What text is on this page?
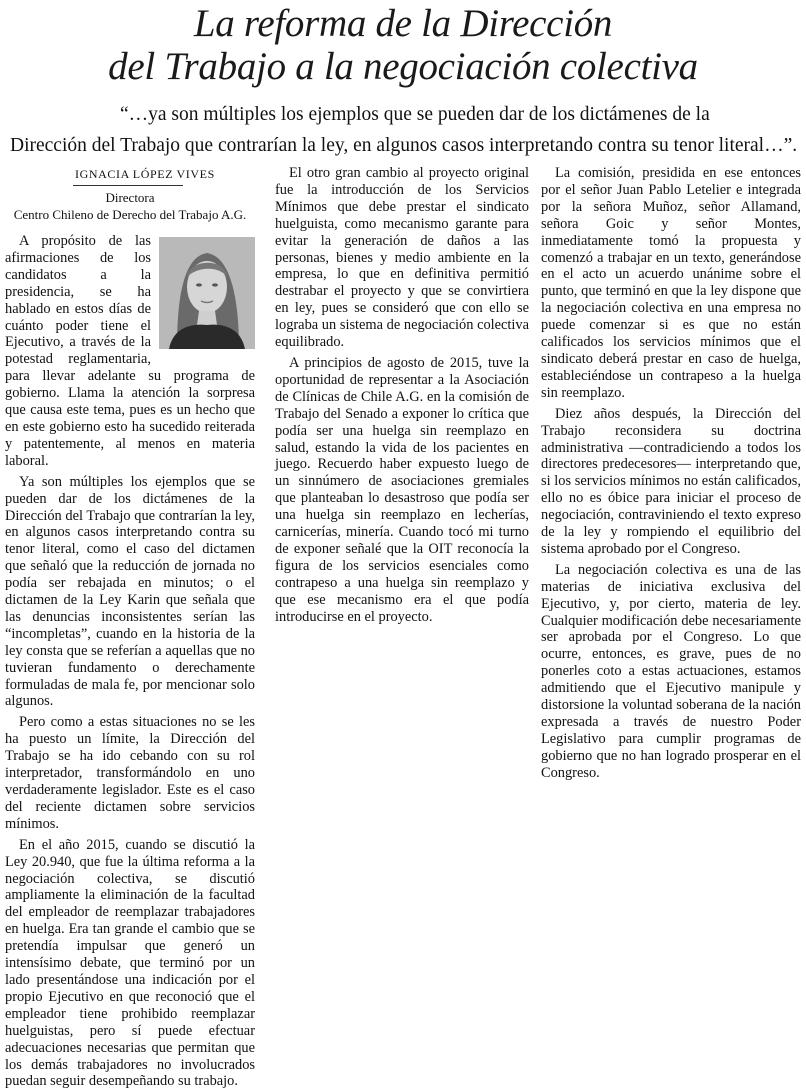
La reforma de la Dirección
del Trabajo a la negociación colectiva

“…ya son múltiples los ejemplos que se pueden dar de los dictámenes de la
Dirección del Trabajo que contrarían la ley, en algunos casos interpretando contra su tenor literal…”.

IGNACIA LÓPEZ VIVES
Directora
Centro Chileno de Derecho del Trabajo A.G.

A propósito de las afirmaciones de los candidatos a la presidencia, se ha hablado en estos días de cuánto poder tiene el Ejecutivo, a través de la potestad reglamentaria, para llevar adelante su programa de gobierno. Llama la atención la sorpresa que causa este tema, pues es un hecho que en este gobierno esto ha sucedido reiterada y patentemente, al menos en materia laboral.

Ya son múltiples los ejemplos que se pueden dar de los dictámenes de la Dirección del Trabajo que contrarían la ley, en algunos casos interpretando contra su tenor literal, como el caso del dictamen que señaló que la reducción de jornada no podía ser rebajada en minutos; o el dictamen de la Ley Karin que señala que las denuncias inconsistentes serían las “incompletas”, cuando en la historia de la ley consta que se referían a aquellas que no tuvieran fundamento o derechamente formuladas de mala fe, por mencionar solo algunos.

Pero como a estas situaciones no se les ha puesto un límite, la Dirección del Trabajo se ha ido cebando con su rol interpretador, transformándolo en uno verdaderamente legislador. Este es el caso del reciente dictamen sobre servicios mínimos.

En el año 2015, cuando se discutió la Ley 20.940, que fue la última reforma a la negociación colectiva, se discutió ampliamente la eliminación de la facultad del empleador de reemplazar trabajadores en huelga. Era tan grande el cambio que se pretendía impulsar que generó un intensísimo debate, que terminó por un lado presentándose una indicación por el propio Ejecutivo en que reconoció que el empleador tiene prohibido reemplazar huelguistas, pero sí puede efectuar adecuaciones necesarias que permitan que los demás trabajadores no involucrados puedan seguir desempeñando su trabajo.

El otro gran cambio al proyecto original fue la introducción de los Servicios Mínimos que debe prestar el sindicato huelguista, como mecanismo garante para evitar la generación de daños a las personas, bienes y medio ambiente en la empresa, lo que en definitiva permitió destrabar el proyecto y que se convirtiera en ley, pues se consideró que con ello se lograba un sistema de negociación colectiva equilibrado.

A principios de agosto de 2015, tuve la oportunidad de representar a la Asociación de Clínicas de Chile A.G. en la comisión de Trabajo del Senado a exponer lo crítica que podía ser una huelga sin reemplazo en salud, estando la vida de los pacientes en juego. Recuerdo haber expuesto luego de un sinnúmero de asociaciones gremiales que planteaban lo desastroso que podía ser una huelga sin reemplazo en lecherías, carnicerías, minería. Cuando tocó mi turno de exponer señalé que la OIT reconocía la figura de los servicios esenciales como contrapeso a una huelga sin reemplazo y que ese mecanismo era el que podía introducirse en el proyecto.

La comisión, presidida en ese entonces por el señor Juan Pablo Letelier e integrada por la señora Muñoz, señor Allamand, señora Goic y señor Montes, inmediatamente tomó la propuesta y comenzó a trabajar en un texto, generándose en el acto un acuerdo unánime sobre el punto, que terminó en que la ley dispone que la negociación colectiva en una empresa no puede comenzar si es que no están calificados los servicios mínimos que el sindicato deberá prestar en caso de huelga, estableciéndose un contrapeso a la huelga sin reemplazo.

Diez años después, la Dirección del Trabajo reconsidera su doctrina administrativa —contradiciendo a todos los directores predecesores— interpretando que, si los servicios mínimos no están calificados, ello no es óbice para iniciar el proceso de negociación, contraviniendo el texto expreso de la ley y rompiendo el equilibrio del sistema aprobado por el Congreso.

La negociación colectiva es una de las materias de iniciativa exclusiva del Ejecutivo, y, por cierto, materia de ley. Cualquier modificación debe necesariamente ser aprobada por el Congreso. Lo que ocurre, entonces, es grave, pues de no ponerles coto a estas actuaciones, estamos admitiendo que el Ejecutivo manipule y distorsione la voluntad soberana de la nación expresada a través de nuestro Poder Legislativo para cumplir programas de gobierno que no han logrado prosperar en el Congreso.
